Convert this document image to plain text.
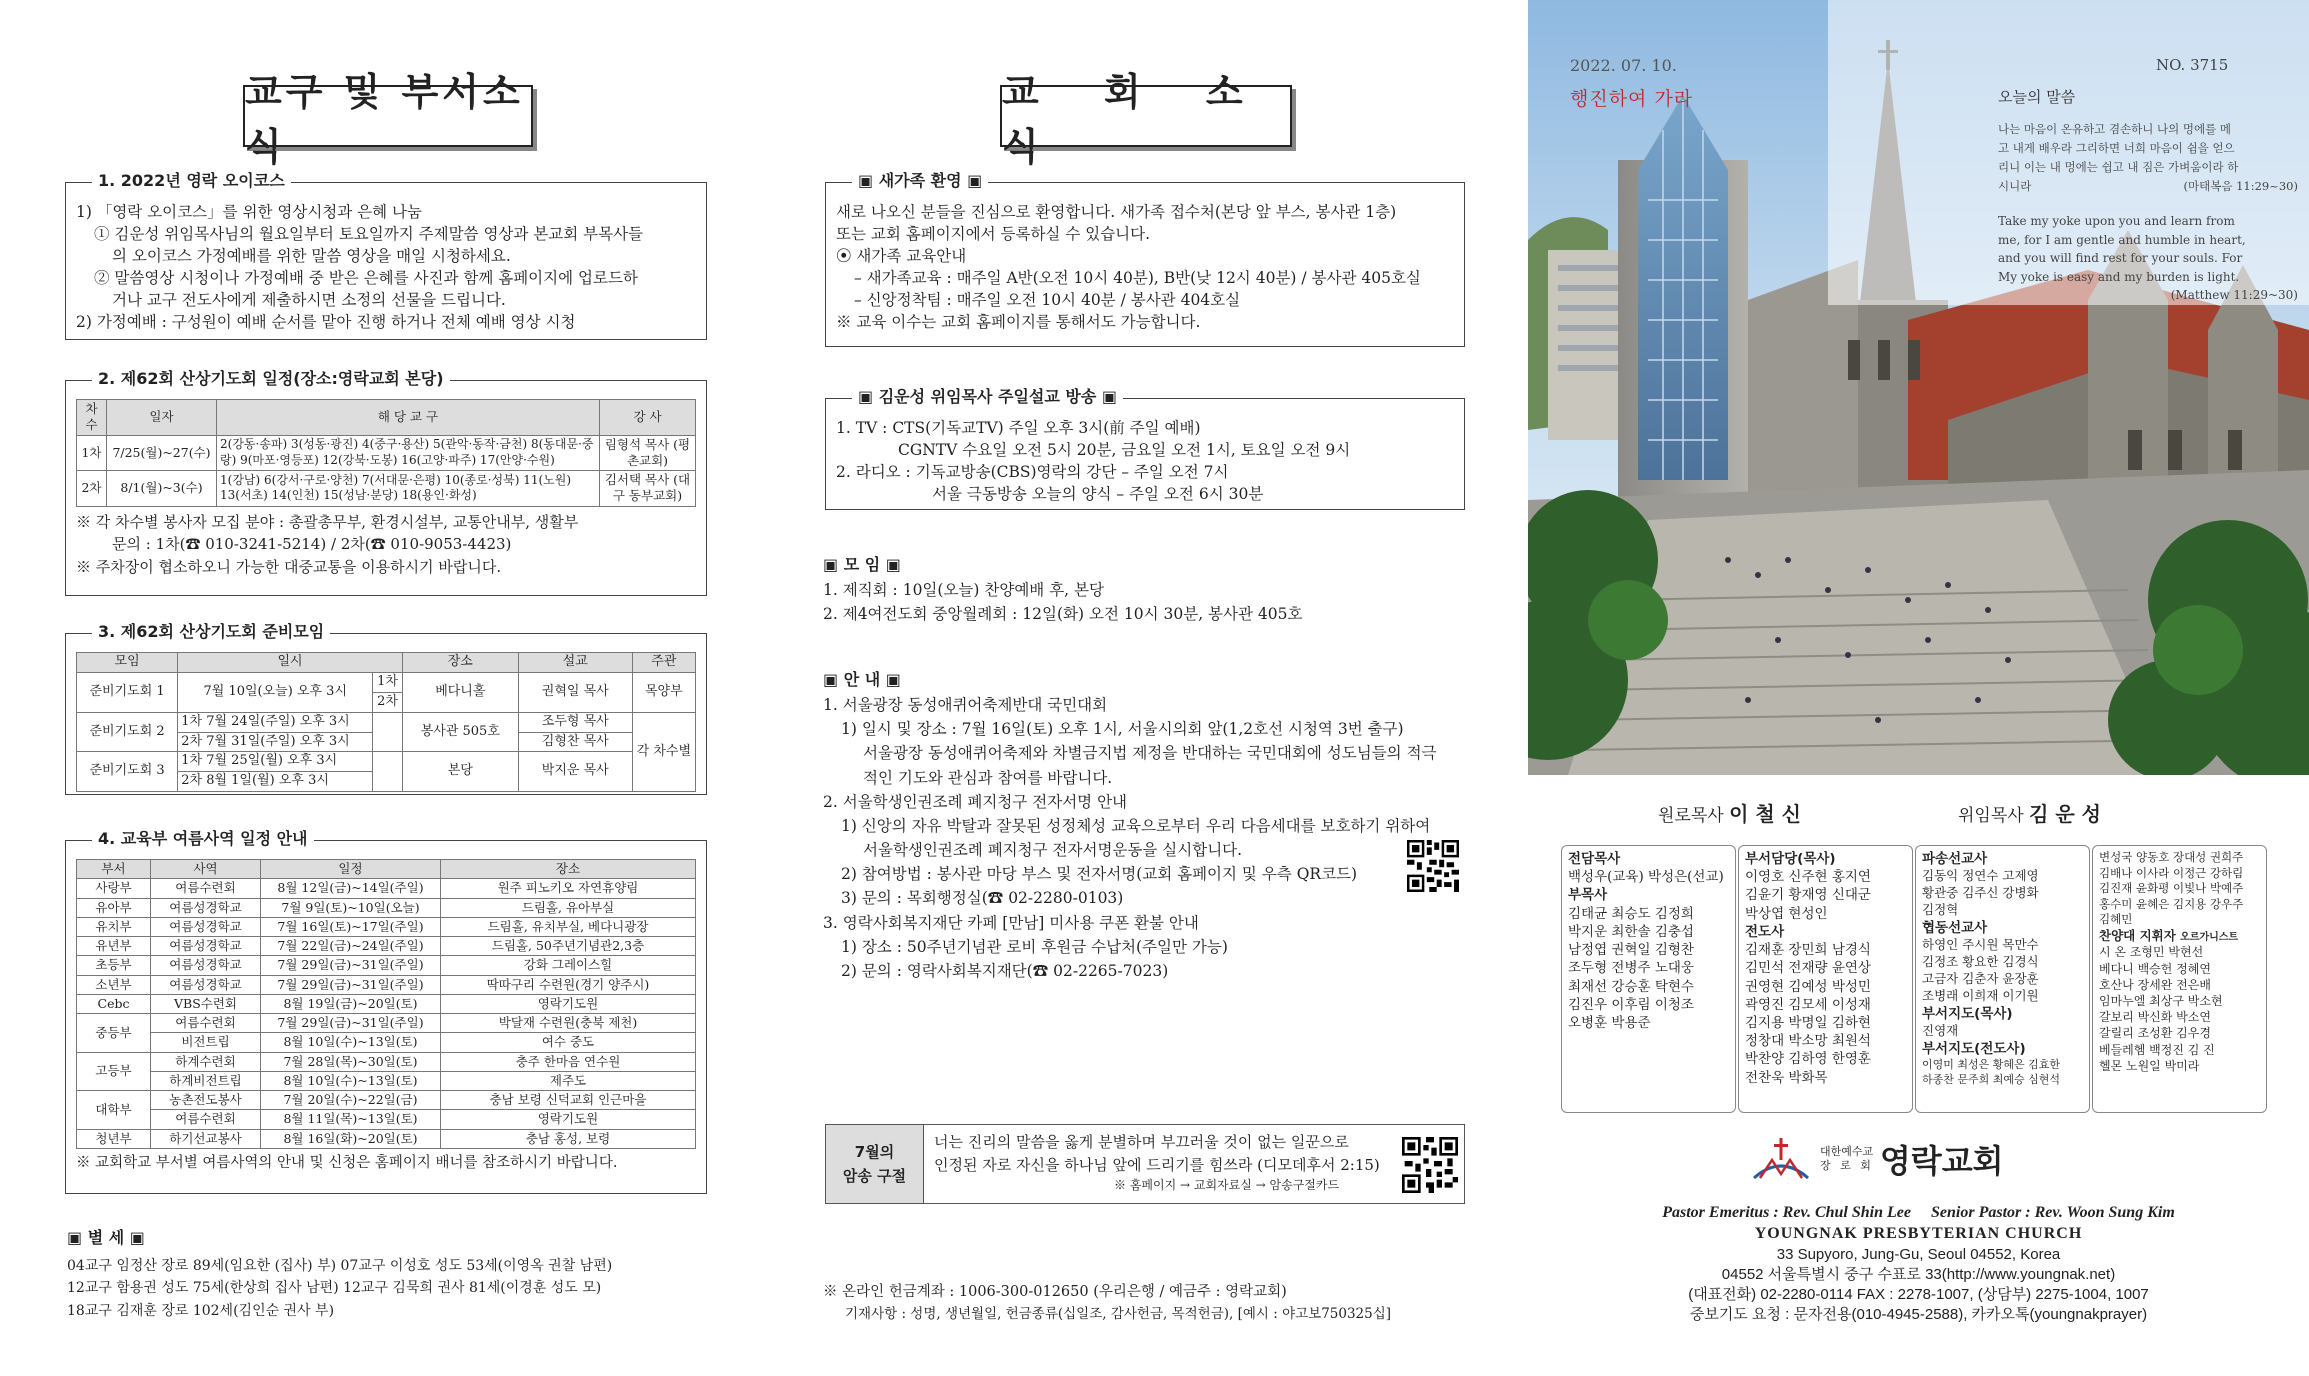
교구 및 부서소식
1. 2022년 영락 오이코스
1) 「영락 오이코스」를 위한 영상시청과 은혜 나눔
① 김운성 위임목사님의 월요일부터 토요일까지 주제말씀 영상과 본교회 부목사들
의 오이코스 가정예배를 위한 말씀 영상을 매일 시청하세요.
② 말씀영상 시청이나 가정예배 중 받은 은혜를 사진과 함께 홈페이지에 업로드하
거나 교구 전도사에게 제출하시면 소정의 선물을 드립니다.
2) 가정예배 : 구성원이 예배 순서를 맡아 진행 하거나 전체 예배 영상 시청
2. 제62회 산상기도회 일정(장소:영락교회 본당)
차수	일자	해 당 교 구	강 사
1차	7/25(월)~27(수)	2(강동·송파) 3(성동·광진) 4(중구·용산) 5(관악·동작·금천) 8(동대문·중랑) 9(마포·영등포) 12(강북·도봉) 16(고양·파주) 17(안양·수원)	림형석 목사 (평촌교회)
2차	8/1(월)~3(수)	1(강남) 6(강서·구로·양천) 7(서대문·은평) 10(종로·성북) 11(노원) 13(서초) 14(인천) 15(성남·분당) 18(용인·화성)	김서택 목사 (대구 동부교회)
※ 각 차수별 봉사자 모집 분야 : 총괄총무부, 환경시설부, 교통안내부, 생활부
문의 : 1차(☎ 010-3241-5214) / 2차(☎ 010-9053-4423)
※ 주차장이 협소하오니 가능한 대중교통을 이용하시기 바랍니다.
3. 제62회 산상기도회 준비모임
모임	일시		장소	설교	주관
준비기도회 1	7월 10일(오늘) 오후 3시	1차	베다니홀	권혁일 목사	목양부
		2차			
준비기도회 2	1차 7월 24일(주일) 오후 3시		봉사관 505호	조두형 목사	각 차수별
	2차 7월 31일(주일) 오후 3시			김형찬 목사	
준비기도회 3	1차 7월 25일(월) 오후 3시		본당	박지운 목사	
	2차 8월 1일(월) 오후 3시				
4. 교육부 여름사역 일정 안내
부서	사역	일정	장소
사랑부	여름수련회	8월 12일(금)~14일(주일)	원주 피노키오 자연휴양림
유아부	여름성경학교	7월 9일(토)~10일(오늘)	드림홀, 유아부실
유치부	여름성경학교	7월 16일(토)~17일(주일)	드림홀, 유치부실, 베다니광장
유년부	여름성경학교	7월 22일(금)~24일(주일)	드림홀, 50주년기념관2,3층
초등부	여름성경학교	7월 29일(금)~31일(주일)	강화 그레이스힐
소년부	여름성경학교	7월 29일(금)~31일(주일)	딱따구리 수련원(경기 양주시)
Cebc	VBS수련회	8월 19일(금)~20일(토)	영락기도원
중등부	여름수련회	7월 29일(금)~31일(주일)	박달재 수련원(충북 제천)
	비전트립	8월 10일(수)~13일(토)	여수 중도
고등부	하계수련회	7월 28일(목)~30일(토)	충주 한마음 연수원
	하계비전트립	8월 10일(수)~13일(토)	제주도
대학부	농촌전도봉사	7월 20일(수)~22일(금)	충남 보령 신덕교회 인근마을
	여름수련회	8월 11일(목)~13일(토)	영락기도원
청년부	하기선교봉사	8월 16일(화)~20일(토)	충남 홍성, 보령
※ 교회학교 부서별 여름사역의 안내 및 신청은 홈페이지 배너를 참조하시기 바랍니다.
▣ 별 세 ▣
04교구 임정산 장로 89세(임요한 (집사) 부) 07교구 이성호 성도 53세(이영옥 권찰 남편)
12교구 함용권 성도 75세(한상희 집사 남편) 12교구 김묵희 권사 81세(이경훈 성도 모)
18교구 김재훈 장로 102세(김인순 권사 부)
교 회 소 식
▣ 새가족 환영 ▣
새로 나오신 분들을 진심으로 환영합니다. 새가족 접수처(본당 앞 부스, 봉사관 1층)
또는 교회 홈페이지에서 등록하실 수 있습니다.
⦿ 새가족 교육안내
– 새가족교육 : 매주일 A반(오전 10시 40분), B반(낮 12시 40분) / 봉사관 405호실
– 신앙정착팀 : 매주일 오전 10시 40분 / 봉사관 404호실
※ 교육 이수는 교회 홈페이지를 통해서도 가능합니다.
▣ 김운성 위임목사 주일설교 방송 ▣
1. TV : CTS(기독교TV) 주일 오후 3시(前 주일 예배)
CGNTV 수요일 오전 5시 20분, 금요일 오전 1시, 토요일 오전 9시
2. 라디오 : 기독교방송(CBS)영락의 강단 – 주일 오전 7시
서울 극동방송 오늘의 양식 – 주일 오전 6시 30분
▣ 모 임 ▣
1. 제직회 : 10일(오늘) 찬양예배 후, 본당
2. 제4여전도회 중앙월례회 : 12일(화) 오전 10시 30분, 봉사관 405호
▣ 안 내 ▣
1. 서울광장 동성애퀴어축제반대 국민대회
1) 일시 및 장소 : 7월 16일(토) 오후 1시, 서울시의회 앞(1,2호선 시청역 3번 출구)
서울광장 동성애퀴어축제와 차별금지법 제정을 반대하는 국민대회에 성도님들의 적극
적인 기도와 관심과 참여를 바랍니다.
2. 서울학생인권조례 폐지청구 전자서명 안내
1) 신앙의 자유 박탈과 잘못된 성정체성 교육으로부터 우리 다음세대를 보호하기 위하여
서울학생인권조례 폐지청구 전자서명운동을 실시합니다.
2) 참여방법 : 봉사관 마당 부스 및 전자서명(교회 홈페이지 및 우측 QR코드)
3) 문의 : 목회행정실(☎ 02-2280-0103)
3. 영락사회복지재단 카페 [만남] 미사용 쿠폰 환불 안내
1) 장소 : 50주년기념관 로비 후원금 수납처(주일만 가능)
2) 문의 : 영락사회복지재단(☎ 02-2265-7023)
7월의
암송 구절
너는 진리의 말씀을 옳게 분별하며 부끄러울 것이 없는 일꾼으로
인정된 자로 자신을 하나님 앞에 드리기를 힘쓰라 (디모데후서 2:15)
※ 홈페이지 → 교회자료실 → 암송구절카드
※ 온라인 헌금계좌 : 1006-300-012650 (우리은행 / 예금주 : 영락교회)
기재사항 : 성명, 생년월일, 헌금종류(십일조, 감사헌금, 목적헌금), [예시 : 야고보750325십]
2022. 07. 10.
행진하여 가라
NO. 3715
오늘의 말씀
나는 마음이 온유하고 겸손하니 나의 멍에를 메
고 내게 배우라 그리하면 너희 마음이 쉼을 얻으
리니 이는 내 멍에는 쉽고 내 짐은 가벼움이라 하
시니라	(마태복음 11:29~30)
Take my yoke upon you and learn from
me, for I am gentle and humble in heart,
and you will find rest for your souls. For
My yoke is easy and my burden is light.
(Matthew 11:29~30)
원로목사 이 철 신	위임목사 김 운 성
전담목사
백성우(교육) 박성은(선교)
부목사
김태균 최승도 김정희
박지운 최한솔 김충섭
남정엽 권혁일 김형찬
조두형 전병주 노대웅
최재선 강승훈 탁현수
김진우 이후림 이청조
오병훈 박용준
부서담당(목사)
이영호 신주현 홍지연
김윤기 황재영 신대군
박상엽 현성인
전도사
김재훈 장민희 남경식
김민석 전재량 윤연상
권영현 김예성 박성민
곽영진 김모세 이성재
김지용 박명일 김하현
정창대 박소망 최원석
박찬양 김하영 한영훈
전찬욱 박화목
파송선교사
김동익 정연수 고제영
황관중 김주신 강병화
김정혁
협동선교사
하영인 주시원 목만수
김정조 황요한 김경식
고금자 김춘자 윤장훈
조병래 이희재 이기원
부서지도(목사)
진영재
부서지도(전도사)
이영미 최성은 황혜은 김효한
하종찬 문주희 최예승 심현석
변성국 양동호 장대성 권희주
김배나 이사라 이정근 강하림
김진재 윤화평 이빛나 박예주
홍수미 윤혜은 김지용 강우주
김혜민
찬양대 지휘자 오르가니스트
시 온 조형민 박현선
베다니 백승헌 정혜연
호산나 장세완 전은배
임마누엘 최상구 박소현
갈보리 박신화 박소연
갈릴리 조성환 김우경
베들레헴 백정진 김 진
헬몬 노원일 박미라
대한예수교
장 로 회 영락교회
Pastor Emeritus : Rev. Chul Shin Lee Senior Pastor : Rev. Woon Sung Kim
YOUNGNAK PRESBYTERIAN CHURCH
33 Supyoro, Jung-Gu, Seoul 04552, Korea
04552 서울특별시 중구 수표로 33(http://www.youngnak.net)
(대표전화) 02-2280-0114 FAX : 2278-1007, (상담부) 2275-1004, 1007
중보기도 요청 : 문자전용(010-4945-2588), 카카오톡(youngnakprayer)
